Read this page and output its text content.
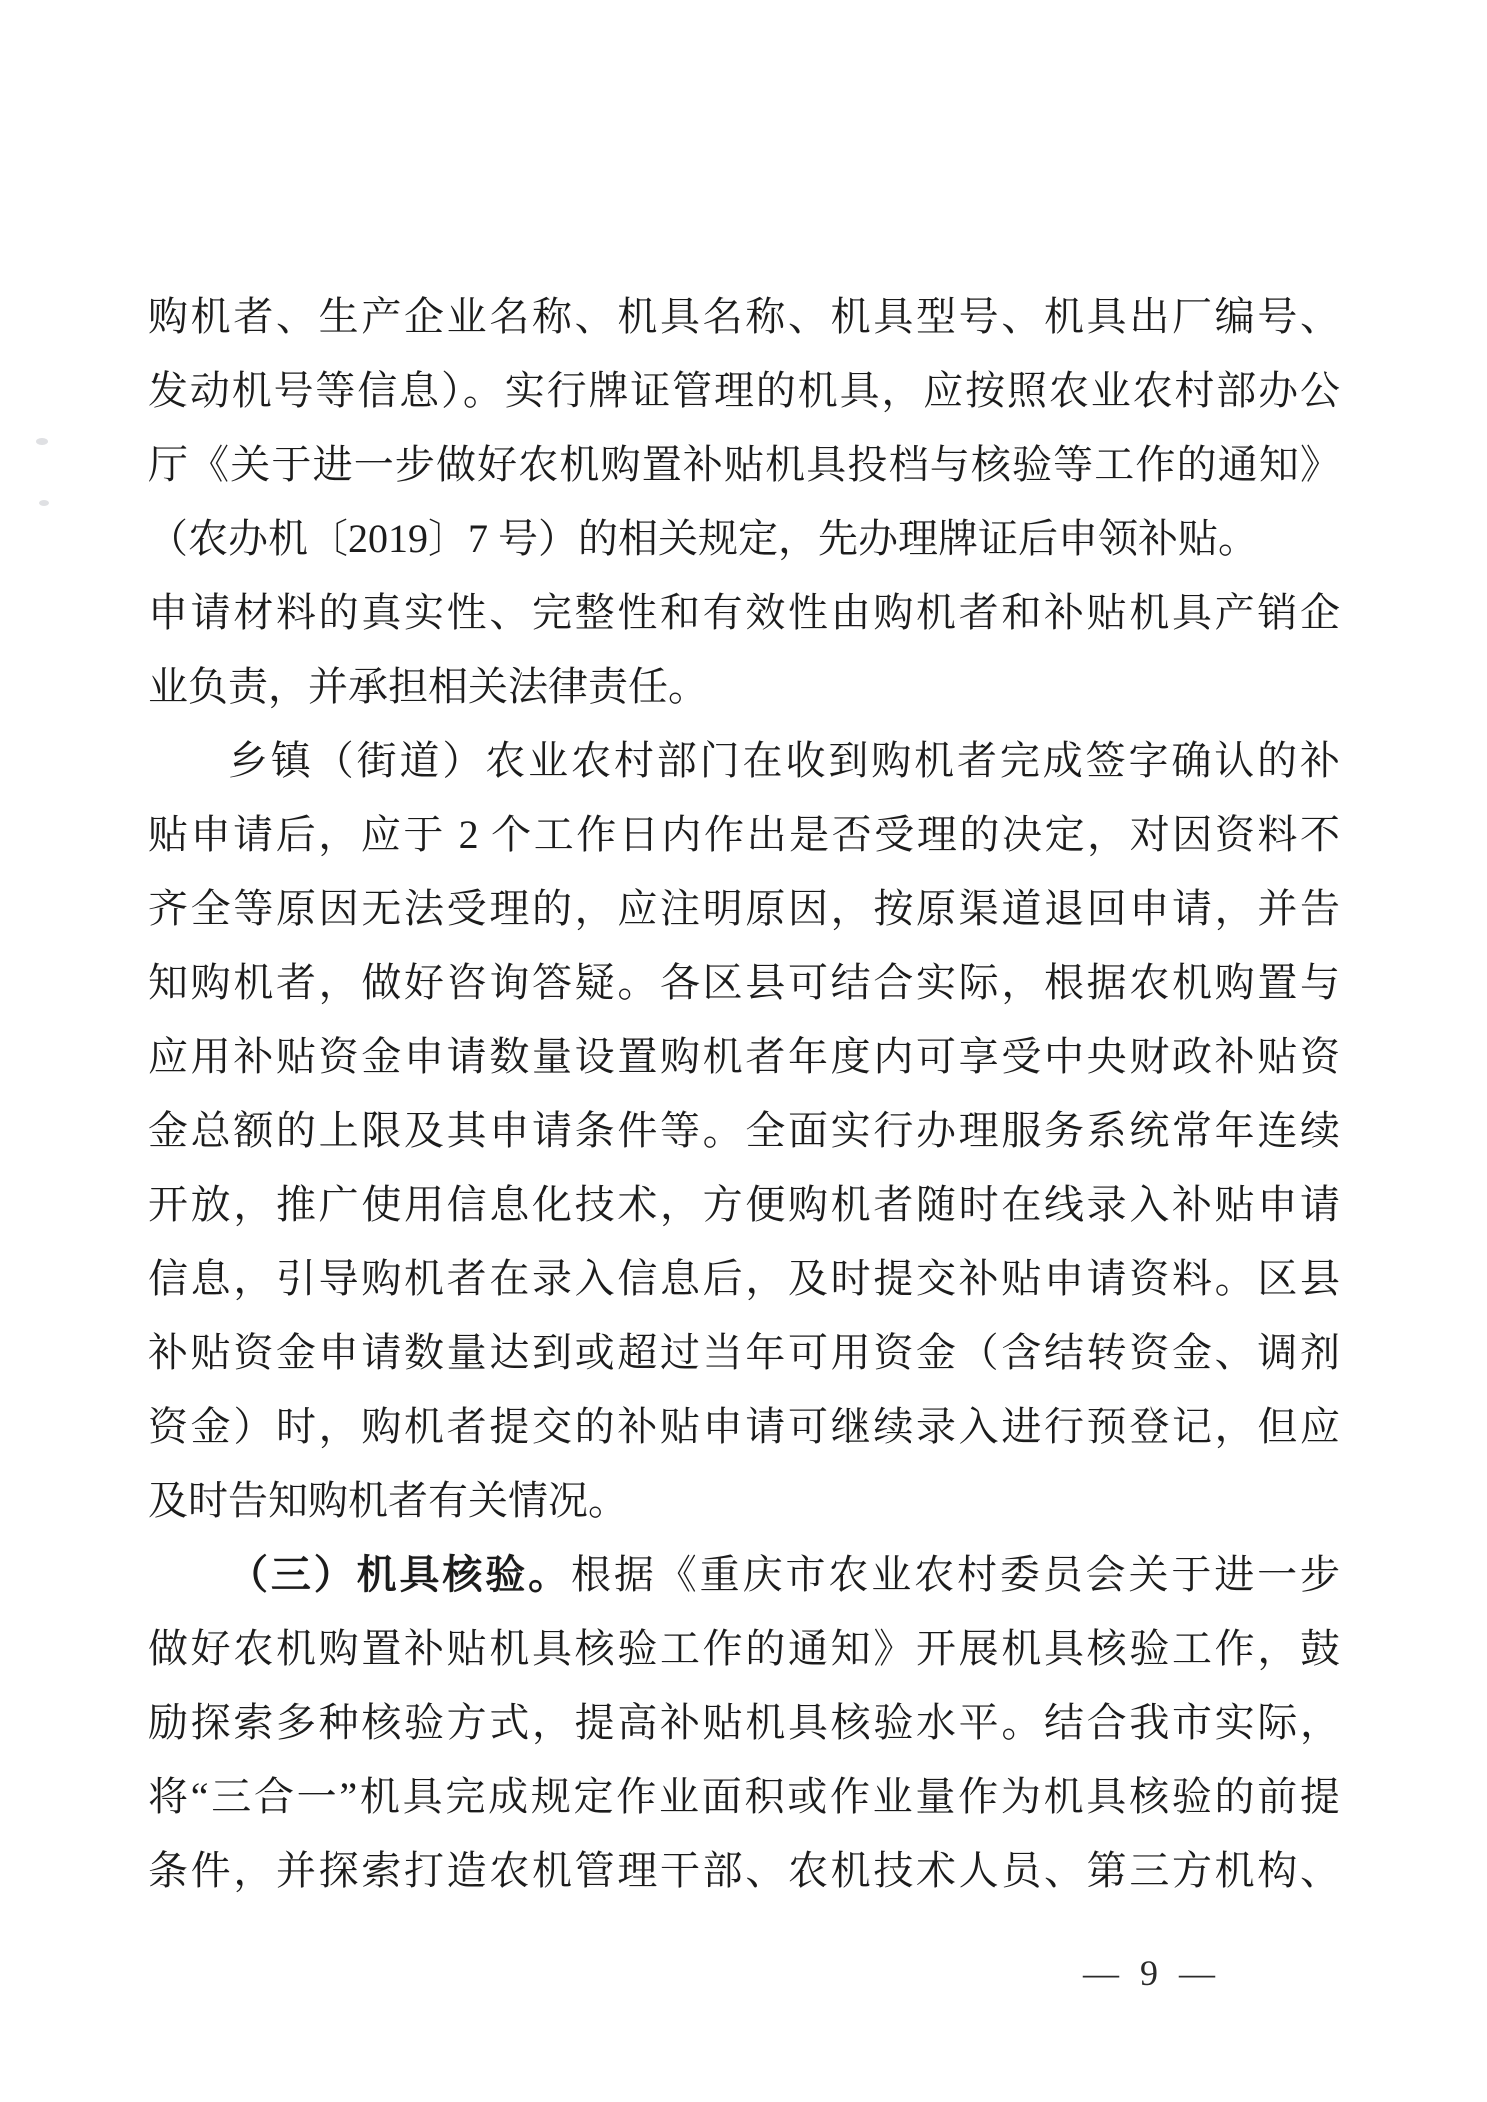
购机者、生产企业名称、机具名称、机具型号、机具出厂编号、
发动机号等信息）。实行牌证管理的机具，应按照农业农村部办公
厅《关于进一步做好农机购置补贴机具投档与核验等工作的通知》
（农办机〔2019〕7 号）的相关规定，先办理牌证后申领补贴。
申请材料的真实性、完整性和有效性由购机者和补贴机具产销企
业负责，并承担相关法律责任。
乡镇（街道）农业农村部门在收到购机者完成签字确认的补
贴申请后，应于 2 个工作日内作出是否受理的决定，对因资料不
齐全等原因无法受理的，应注明原因，按原渠道退回申请，并告
知购机者，做好咨询答疑。各区县可结合实际，根据农机购置与
应用补贴资金申请数量设置购机者年度内可享受中央财政补贴资
金总额的上限及其申请条件等。全面实行办理服务系统常年连续
开放，推广使用信息化技术，方便购机者随时在线录入补贴申请
信息，引导购机者在录入信息后，及时提交补贴申请资料。区县
补贴资金申请数量达到或超过当年可用资金（含结转资金、调剂
资金）时，购机者提交的补贴申请可继续录入进行预登记，但应
及时告知购机者有关情况。
（三）机具核验。根据《重庆市农业农村委员会关于进一步
做好农机购置补贴机具核验工作的通知》开展机具核验工作，鼓
励探索多种核验方式，提高补贴机具核验水平。结合我市实际，
将“三合一”机具完成规定作业面积或作业量作为机具核验的前提
条件，并探索打造农机管理干部、农机技术人员、第三方机构、
— 9 —
